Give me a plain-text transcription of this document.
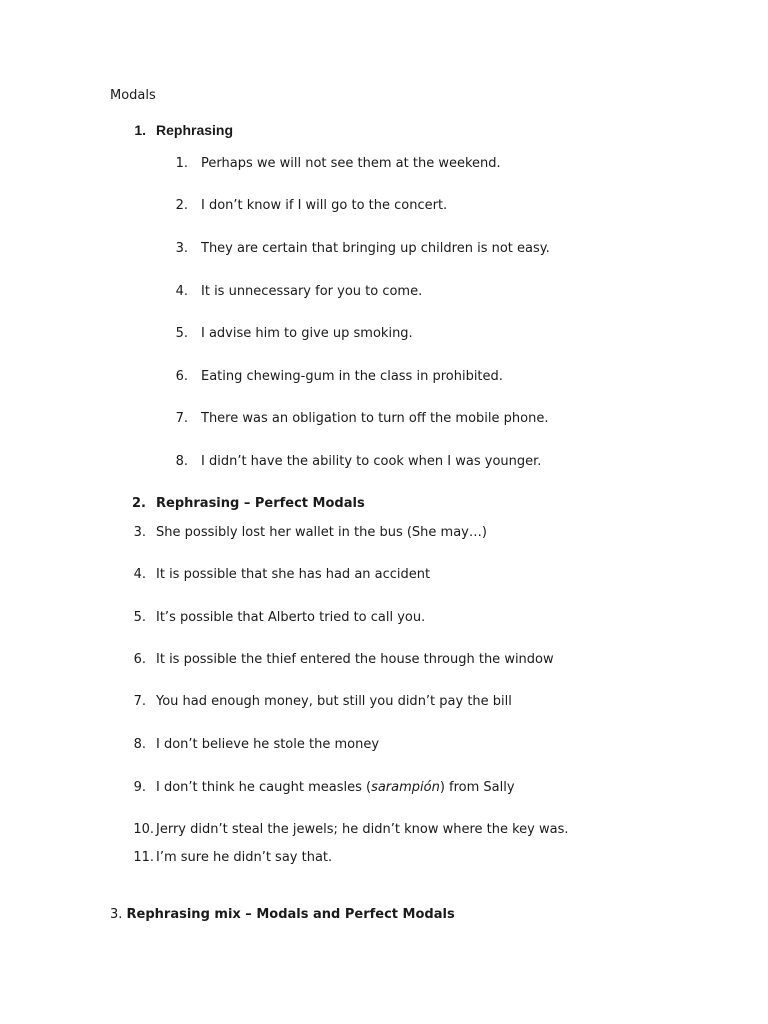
Modals
1. Rephrasing
1. Perhaps we will not see them at the weekend.
2. I don’t know if I will go to the concert.
3. They are certain that bringing up children is not easy.
4. It is unnecessary for you to come.
5. I advise him to give up smoking.
6. Eating chewing-gum in the class in prohibited.
7. There was an obligation to turn off the mobile phone.
8. I didn’t have the ability to cook when I was younger.
2. Rephrasing – Perfect Modals
3. She possibly lost her wallet in the bus (She may…)
4. It is possible that she has had an accident
5. It’s possible that Alberto tried to call you.
6. It is possible the thief entered the house through the window
7. You had enough money, but still you didn’t pay the bill
8. I don’t believe he stole the money
9. I don’t think he caught measles (sarampión) from Sally
10. Jerry didn’t steal the jewels; he didn’t know where the key was.
11. I’m sure he didn’t say that.
3. Rephrasing mix – Modals and Perfect Modals
